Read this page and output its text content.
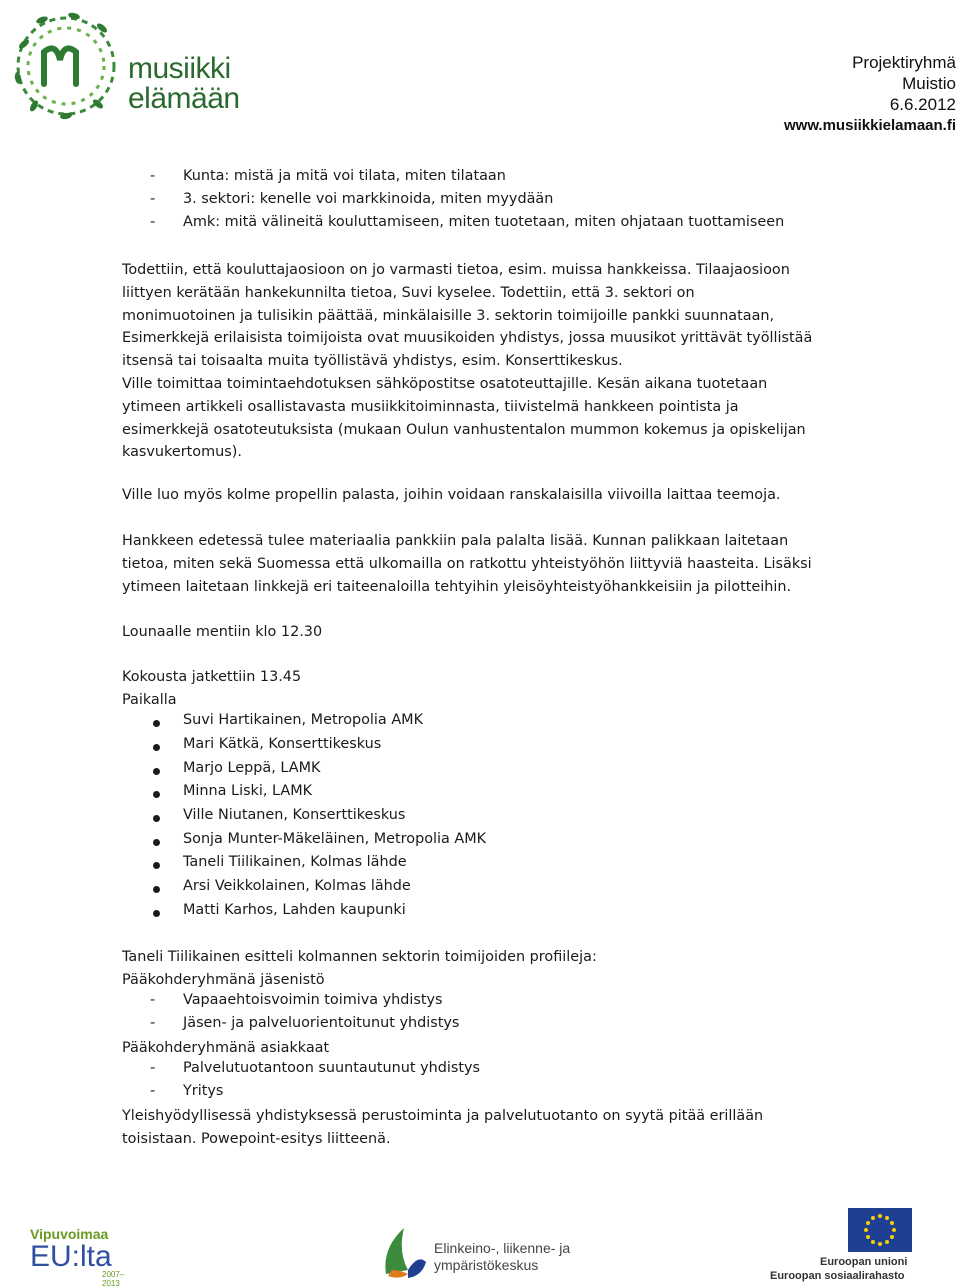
musiikki
elämään
Projektiryhmä
Muistio
6.6.2012
www.musiikkielamaan.fi
- Kunta: mistä ja mitä voi tilata, miten tilataan
- 3. sektori: kenelle voi markkinoida, miten myydään
- Amk: mitä välineitä kouluttamiseen, miten tuotetaan, miten ohjataan tuottamiseen
Todettiin, että kouluttajaosioon on jo varmasti tietoa, esim. muissa hankkeissa. Tilaajaosioon
liittyen kerätään hankekunnilta tietoa, Suvi kyselee. Todettiin, että 3. sektori on
monimuotoinen ja tulisikin päättää, minkälaisille 3. sektorin toimijoille pankki suunnataan,
Esimerkkejä erilaisista toimijoista ovat muusikoiden yhdistys, jossa muusikot yrittävät työllistää
itsensä tai toisaalta muita työllistävä yhdistys, esim. Konserttikeskus.
Ville toimittaa toimintaehdotuksen sähköpostitse osatoteuttajille. Kesän aikana tuotetaan
ytimeen artikkeli osallistavasta musiikkitoiminnasta, tiivistelmä hankkeen pointista ja
esimerkkejä osatoteutuksista (mukaan Oulun vanhustentalon mummon kokemus ja opiskelijan
kasvukertomus).
Ville luo myös kolme propellin palasta, joihin voidaan ranskalaisilla viivoilla laittaa teemoja.
Hankkeen edetessä tulee materiaalia pankkiin pala palalta lisää. Kunnan palikkaan laitetaan
tietoa, miten sekä Suomessa että ulkomailla on ratkottu yhteistyöhön liittyviä haasteita. Lisäksi
ytimeen laitetaan linkkejä eri taiteenaloilla tehtyihin yleisöyhteistyöhankkeisiin ja pilotteihin.
Lounaalle mentiin klo 12.30
Kokousta jatkettiin 13.45
Paikalla
Suvi Hartikainen, Metropolia AMK
Mari Kätkä, Konserttikeskus
Marjo Leppä, LAMK
Minna Liski, LAMK
Ville Niutanen, Konserttikeskus
Sonja Munter-Mäkeläinen, Metropolia AMK
Taneli Tiilikainen, Kolmas lähde
Arsi Veikkolainen, Kolmas lähde
Matti Karhos, Lahden kaupunki
Taneli Tiilikainen esitteli kolmannen sektorin toimijoiden profiileja:
Pääkohderyhmänä jäsenistö
- Vapaaehtoisvoimin toimiva yhdistys
- Jäsen- ja palveluorientoitunut yhdistys
Pääkohderyhmänä asiakkaat
- Palvelutuotantoon suuntautunut yhdistys
- Yritys
Yleishyödyllisessä yhdistyksessä perustoiminta ja palvelutuotanto on syytä pitää erillään
toisistaan. Powepoint-esitys liitteenä.
Vipuvoimaa
EU:lta
2007–2013
Elinkeino-, liikenne- ja
ympäristökeskus	Euroopan unioni
Euroopan sosiaalirahasto
